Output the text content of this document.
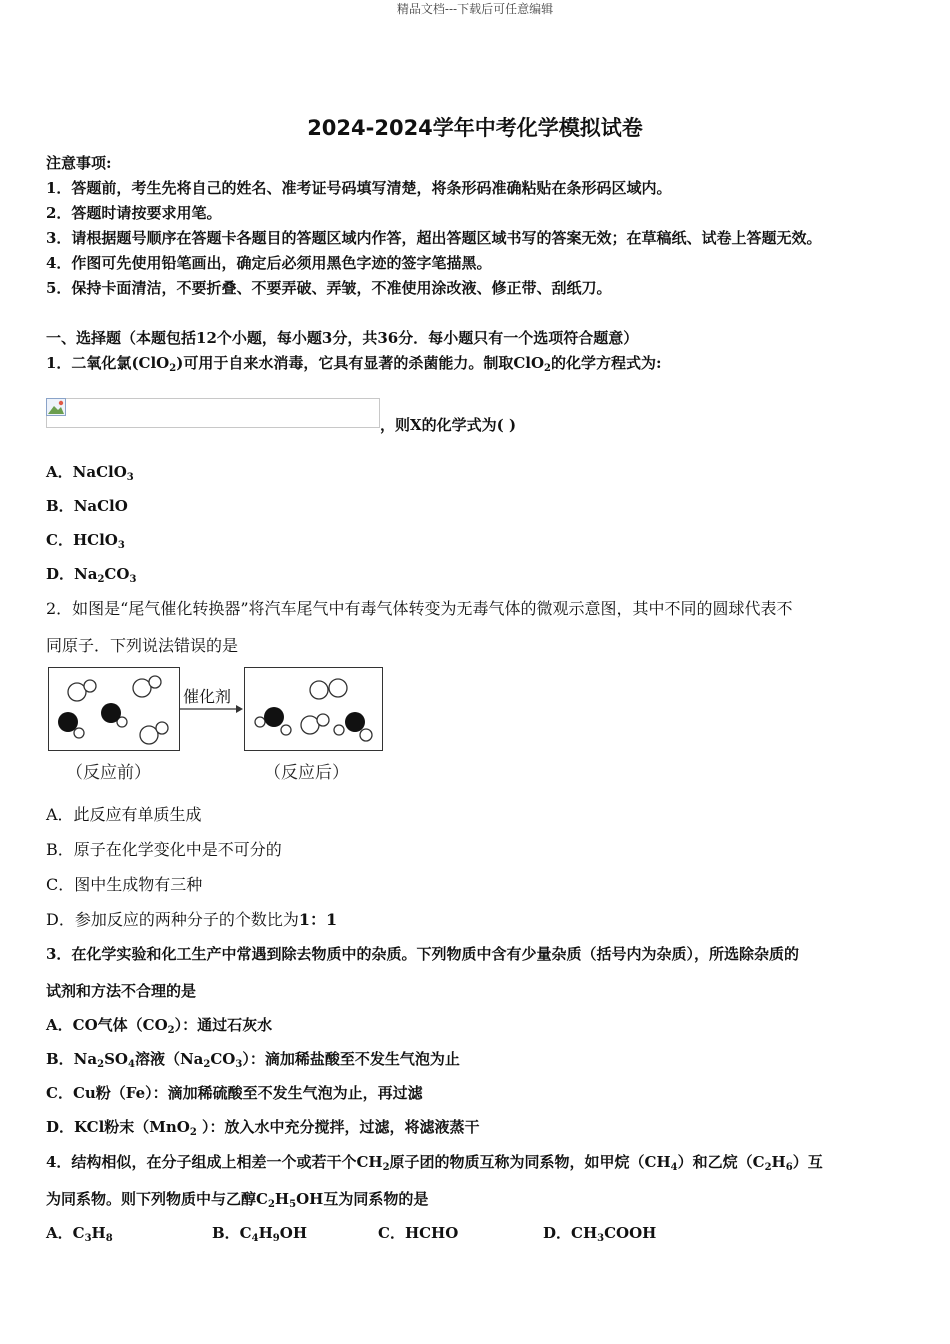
精品文档---下载后可任意编辑
2024-2024学年中考化学模拟试卷
注意事项:
1．答题前，考生先将自己的姓名、准考证号码填写清楚，将条形码准确粘贴在条形码区域内。
2．答题时请按要求用笔。
3．请根据题号顺序在答题卡各题目的答题区域内作答，超出答题区域书写的答案无效；在草稿纸、试卷上答题无效。
4．作图可先使用铅笔画出，确定后必须用黑色字迹的签字笔描黑。
5．保持卡面清洁，不要折叠、不要弄破、弄皱，不准使用涂改液、修正带、刮纸刀。
一、选择题（本题包括12个小题，每小题3分，共36分．每小题只有一个选项符合题意）
1．二氧化氯(ClO$_2$)可用于自来水消毒，它具有显著的杀菌能力。制取ClO$_2$的化学方程式为:
，则X的化学式为( )
A．NaClO$_3$
B．NaClO
C．HClO$_3$
D．$Na_2CO_3$
2．如图是“尾气催化转换器”将汽车尾气中有毒气体转变为无毒气体的微观示意图，其中不同的圆球代表不
同原子．下列说法错误的是
催化剂
（反应前）	（反应后）
A．此反应有单质生成
B．原子在化学变化中是不可分的
C．图中生成物有三种
D．参加反应的两种分子的个数比为1：1
3．在化学实验和化工生产中常遇到除去物质中的杂质。下列物质中含有少量杂质（括号内为杂质），所选除杂质的
试剂和方法不合理的是
A．CO气体$(CO_2)$：通过石灰水
B．$Na_2SO_4$溶液$(Na_2CO_3)$：滴加稀盐酸至不发生气泡为止
C．Cu粉（Fe）：滴加稀硫酸至不发生气泡为止，再过滤
D．KCl粉末（MnO$_2$ ）：放入水中充分搅拌，过滤，将滤液蒸干
4．结构相似，在分子组成上相差一个或若干个$CH_2$原子团的物质互称为同系物，如甲烷$(CH_4)$和乙烷$(C_2H_6)$互
为同系物。则下列物质中与乙醇$C_2H_5OH$互为同系物的是
A．$C_3H_8$	B．$C_4H_9OH$	C．HCHO	D．$CH_3COOH$
